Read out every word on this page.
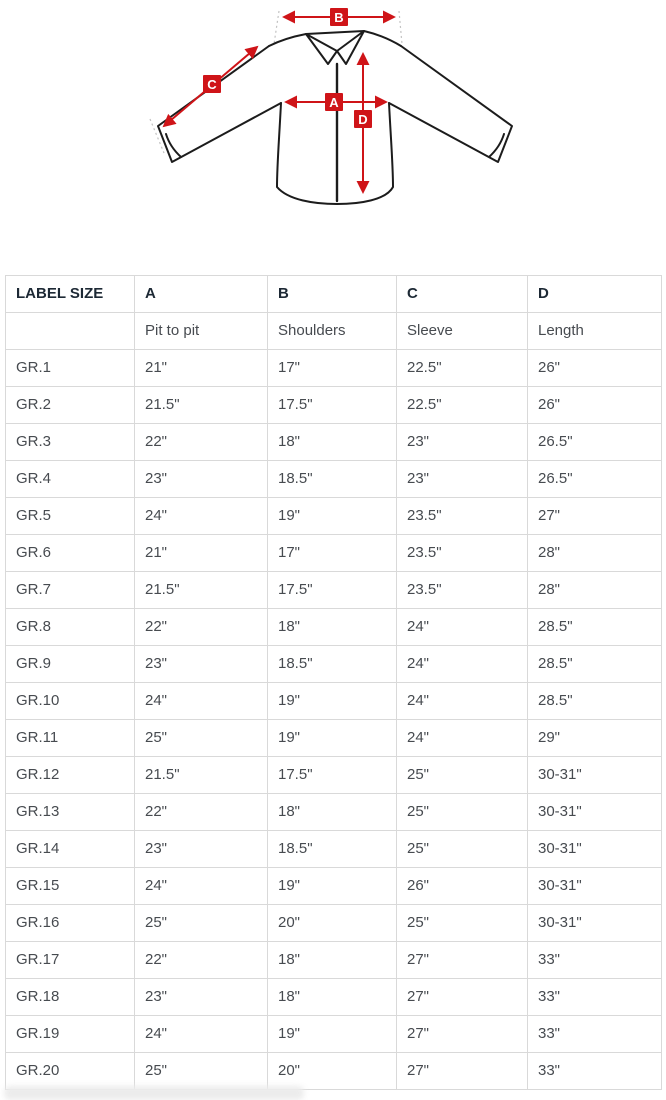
B
C
A
D
LABEL SIZE	A	B	C	D
	Pit to pit	Shoulders	Sleeve	Length
GR.1	21"	17"	22.5"	26"
GR.2	21.5"	17.5"	22.5"	26"
GR.3	22"	18"	23"	26.5"
GR.4	23"	18.5"	23"	26.5"
GR.5	24"	19"	23.5"	27"
GR.6	21"	17"	23.5"	28"
GR.7	21.5"	17.5"	23.5"	28"
GR.8	22"	18"	24"	28.5"
GR.9	23"	18.5"	24"	28.5"
GR.10	24"	19"	24"	28.5"
GR.11	25"	19"	24"	29"
GR.12	21.5"	17.5"	25"	30-31"
GR.13	22"	18"	25"	30-31"
GR.14	23"	18.5"	25"	30-31"
GR.15	24"	19"	26"	30-31"
GR.16	25"	20"	25"	30-31"
GR.17	22"	18"	27"	33"
GR.18	23"	18"	27"	33"
GR.19	24"	19"	27"	33"
GR.20	25"	20"	27"	33"
